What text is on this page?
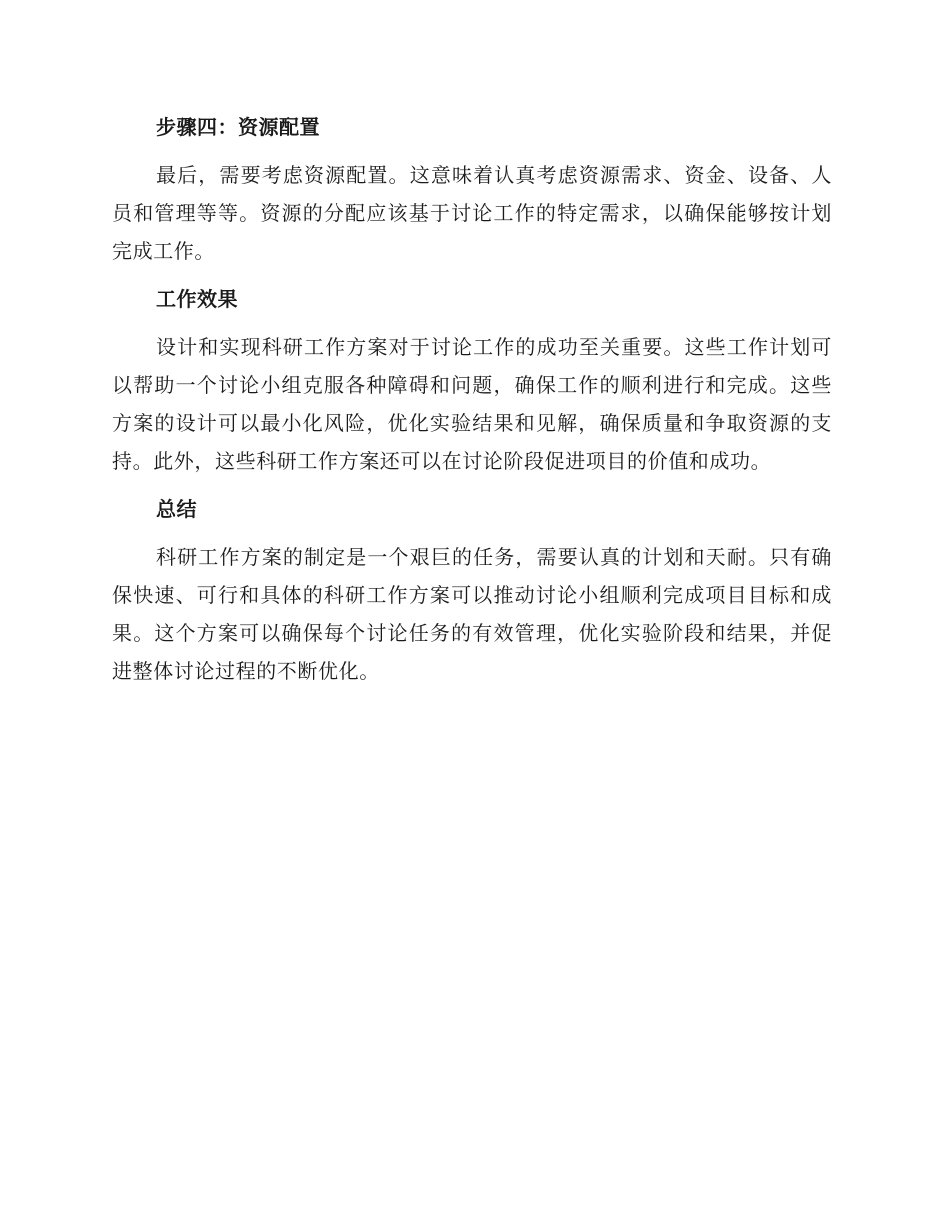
步骤四：资源配置

最后，需要考虑资源配置。这意味着认真考虑资源需求、资金、设备、人员和管理等等。资源的分配应该基于讨论工作的特定需求，以确保能够按计划完成工作。

工作效果

设计和实现科研工作方案对于讨论工作的成功至关重要。这些工作计划可以帮助一个讨论小组克服各种障碍和问题，确保工作的顺利进行和完成。这些方案的设计可以最小化风险，优化实验结果和见解，确保质量和争取资源的支持。此外，这些科研工作方案还可以在讨论阶段促进项目的价值和成功。

总结

科研工作方案的制定是一个艰巨的任务，需要认真的计划和天耐。只有确保快速、可行和具体的科研工作方案可以推动讨论小组顺利完成项目目标和成果。这个方案可以确保每个讨论任务的有效管理，优化实验阶段和结果，并促进整体讨论过程的不断优化。
